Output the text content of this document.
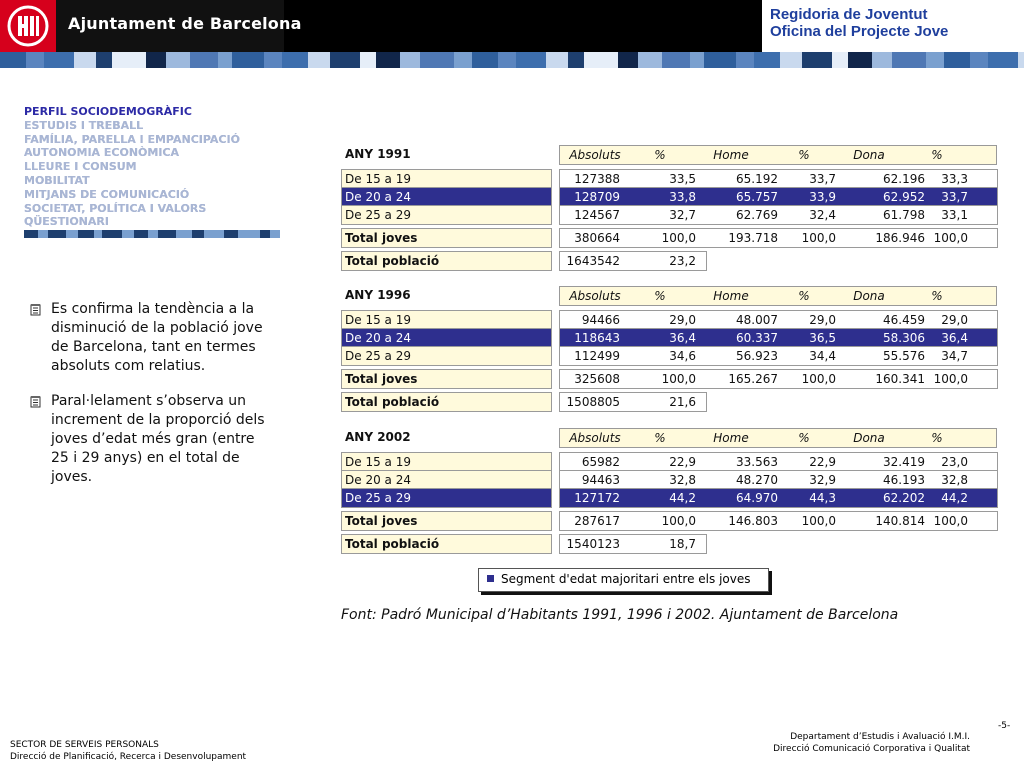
Ajuntament de Barcelona	Regidoria de Joventut
Oficina del Projecte Jove
PERFIL SOCIODEMOGRÀFIC
ESTUDIS I TREBALL
FAMÍLIA, PARELLA I EMPANCIPACIÓ
AUTONOMIA ECONÒMICA
LLEURE I CONSUM
MOBILITAT
MITJANS DE COMUNICACIÓ
SOCIETAT, POLÍTICA I VALORS
QÜESTIONARI
Es confirma la tendència a la disminució de la població jove de Barcelona, tant en termes absoluts com relatius.
Paral·lelament s’observa un increment de la proporció dels joves d’edat més gran (entre 25 i 29 anys) en el total de joves.
ANY 1991	Absoluts	%	Home	%	Dona	%
De 15 a 19	127388	33,5	65.192	33,7	62.196	33,3
De 20 a 24	128709	33,8	65.757	33,9	62.952	33,7
De 25 a 29	124567	32,7	62.769	32,4	61.798	33,1
Total joves	380664	100,0	193.718	100,0	186.946 100,0
Total població	1643542	23,2
ANY 1996	Absoluts	%	Home	%	Dona	%
De 15 a 19	94466	29,0	48.007	29,0	46.459	29,0
De 20 a 24	118643	36,4	60.337	36,5	58.306	36,4
De 25 a 29	112499	34,6	56.923	34,4	55.576	34,7
Total joves	325608	100,0	165.267	100,0	160.341 100,0
Total població	1508805	21,6
ANY 2002	Absoluts	%	Home	%	Dona	%
De 15 a 19	65982	22,9	33.563	22,9	32.419	23,0
De 20 a 24	94463	32,8	48.270	32,9	46.193	32,8
De 25 a 29	127172	44,2	64.970	44,3	62.202	44,2
Total joves	287617	100,0	146.803	100,0	140.814 100,0
Total població	1540123	18,7
Segment d'edat majoritari entre els joves
Font: Padró Municipal d’Habitants 1991, 1996 i 2002. Ajuntament de Barcelona
-5-
Departament d’Estudis i Avaluació I.M.I.
Direcció Comunicació Corporativa i Qualitat
SECTOR DE SERVEIS PERSONALS
Direcció de Planificació, Recerca i Desenvolupament
